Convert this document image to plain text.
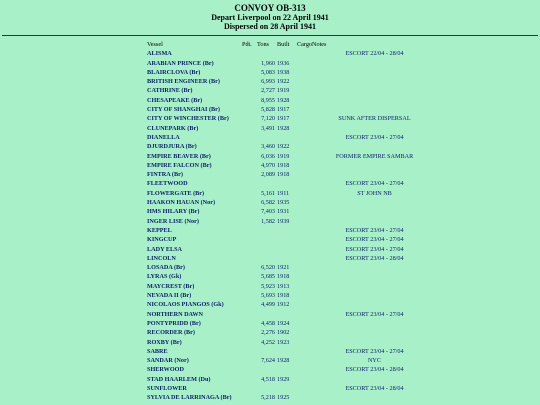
CONVOY OB-313
Depart Liverpool on 22 April 1941
Dispersed on 28 April 1941
Vessel	Pdt.	Tons	Built	Cargo	Notes
ALISMA					ESCORT 22/04 - 28/04
ARABIAN PRINCE (Br)		1,960	1936		
BLAIRCLOVA (Br)		5,083	1938		
BRITISH ENGINEER (Br)		6,993	1922		
CATHRINE (Br)		2,727	1919		
CHESAPEAKE (Br)		8,955	1928		
CITY OF SHANGHAI (Br)		5,828	1917		
CITY OF WINCHESTER (Br)		7,120	1917		SUNK AFTER DISPERSAL
CLUNEPARK (Br)		3,491	1928		
DIANELLA					ESCORT 23/04 - 27/04
DJURDJURA (Br)		3,460	1922		
EMPIRE BEAVER (Br)		6,036	1919		FORMER EMPIRE SAMBAR
EMPIRE FALCON (Br)		4,970	1918		
FINTRA (Br)		2,089	1918		
FLEETWOOD					ESCORT 23/04 - 27/04
FLOWERGATE (Br)		5,161	1911		ST JOHN NB
HAAKON HAUAN (Nor)		6,582	1935		
HMS HILARY (Br)		7,403	1931		
INGER LISE (Nor)		1,582	1939		
KEPPEL					ESCORT 23/04 - 27/04
KINGCUP					ESCORT 23/04 - 27/04
LADY ELSA					ESCORT 23/04 - 27/04
LINCOLN					ESCORT 23/04 - 28/04
LOSADA (Br)		6,520	1921		
LYRAS (Gk)		5,685	1918		
MAYCREST (Br)		5,923	1913		
NEVADA II (Br)		5,693	1918		
NICOLAOS PIANGOS (Gk)		4,499	1912		
NORTHERN DAWN					ESCORT 23/04 - 27/04
PONTYPRIDD (Br)		4,458	1924		
RECORDER (Br)		2,276	1902		
ROXBY (Br)		4,252	1923		
SABRE					ESCORT 23/04 - 27/04
SANDAR (Nor)		7,624	1928		NYC
SHERWOOD					ESCORT 23/04 - 28/04
STAD HAARLEM (Du)		4,518	1929		
SUNFLOWER					ESCORT 23/04 - 28/04
SYLVIA DE LARRINAGA (Br)		5,218	1925		
